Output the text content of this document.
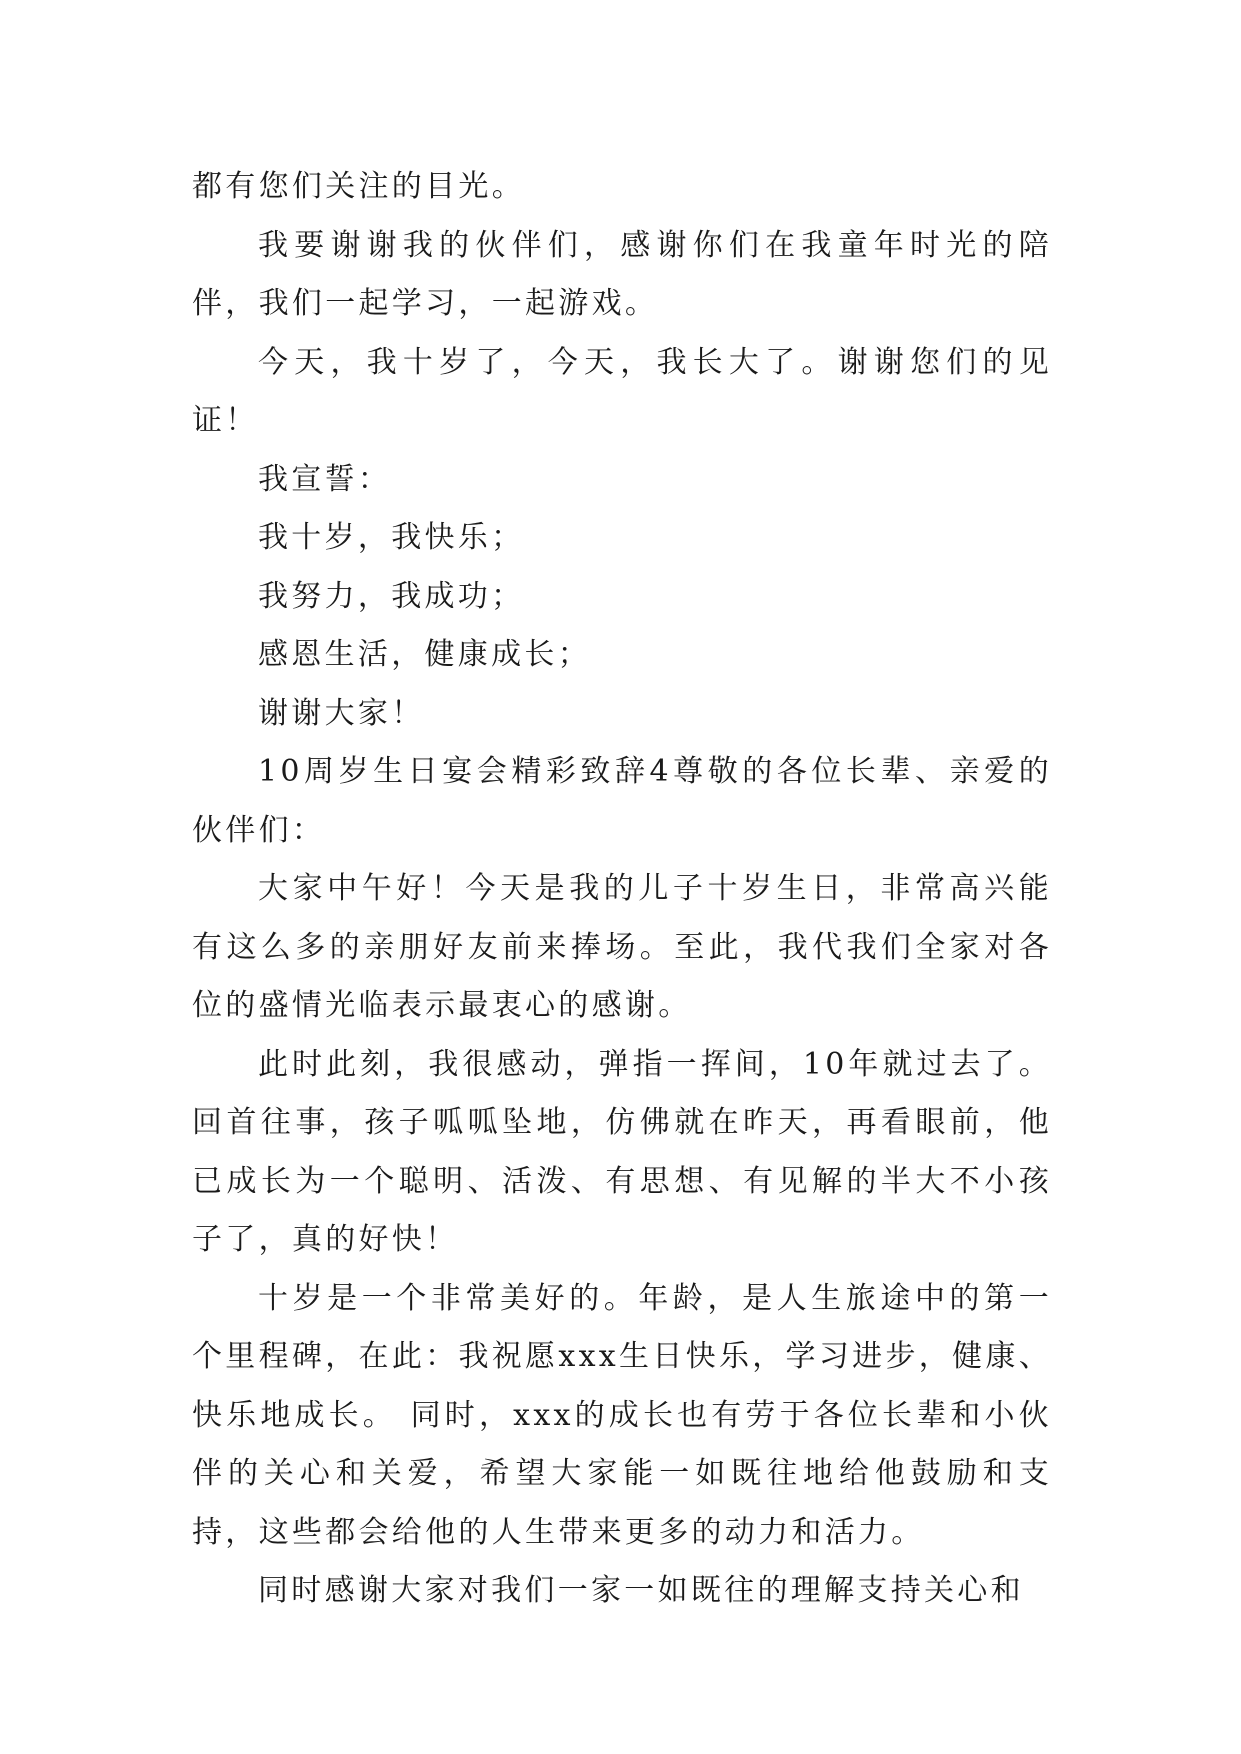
都有您们关注的目光。

我要谢谢我的伙伴们，感谢你们在我童年时光的陪伴，我们一起学习，一起游戏。

今天，我十岁了，今天，我长大了。谢谢您们的见证！

我宣誓：

我十岁，我快乐；

我努力，我成功；

感恩生活，健康成长；

谢谢大家！

10周岁生日宴会精彩致辞4尊敬的各位长辈、亲爱的伙伴们：

大家中午好！今天是我的儿子十岁生日，非常高兴能有这么多的亲朋好友前来捧场。至此，我代我们全家对各位的盛情光临表示最衷心的感谢。

此时此刻，我很感动，弹指一挥间，10年就过去了。回首往事，孩子呱呱坠地，仿佛就在昨天，再看眼前，他已成长为一个聪明、活泼、有思想、有见解的半大不小孩子了，真的好快！

十岁是一个非常美好的。年龄，是人生旅途中的第一个里程碑，在此：我祝愿xxx生日快乐，学习进步，健康、快乐地成长。 同时，xxx的成长也有劳于各位长辈和小伙伴的关心和关爱，希望大家能一如既往地给他鼓励和支持，这些都会给他的人生带来更多的动力和活力。

同时感谢大家对我们一家一如既往的理解支持关心和
